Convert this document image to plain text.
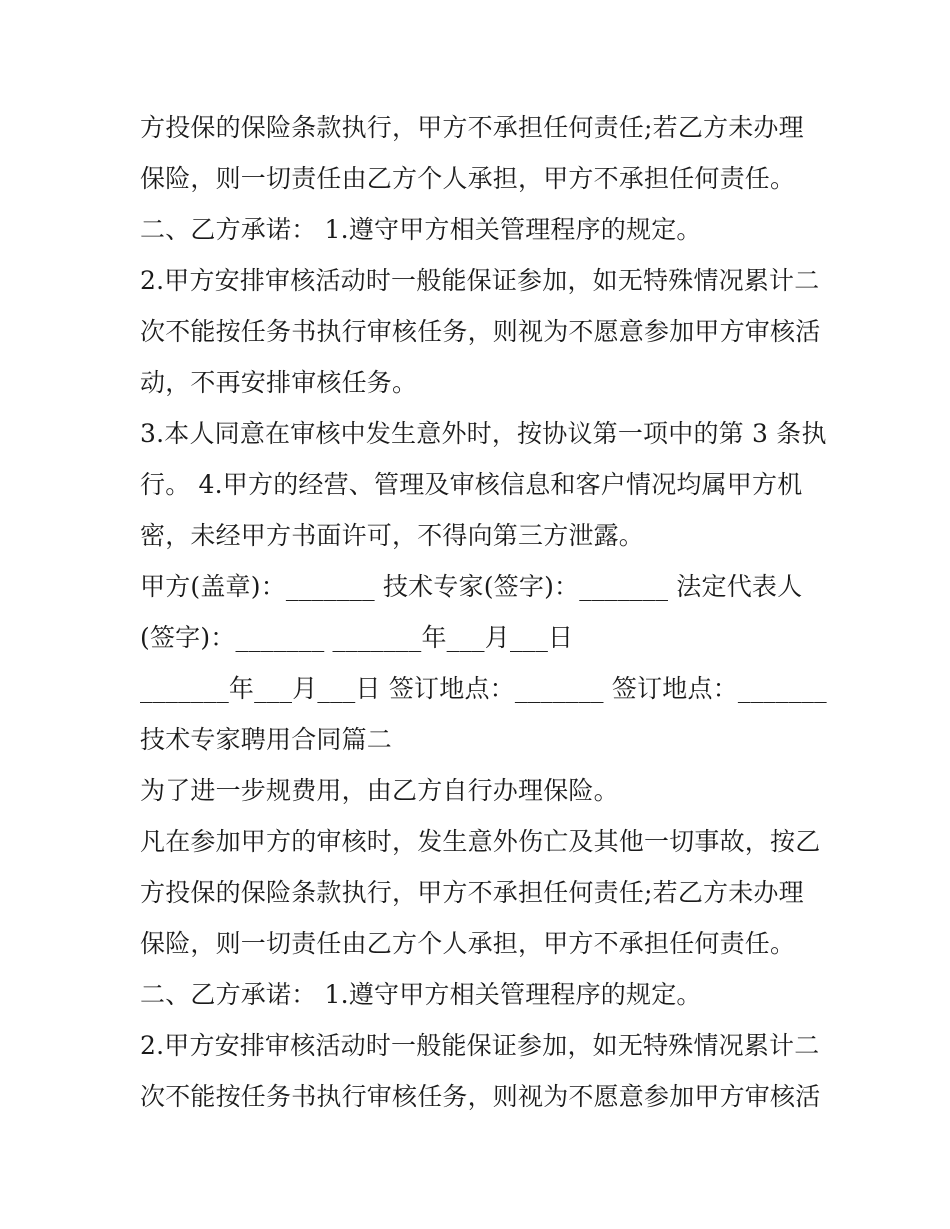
方投保的保险条款执行，甲方不承担任何责任;若乙方未办理
保险，则一切责任由乙方个人承担，甲方不承担任何责任。
二、乙方承诺： 1.遵守甲方相关管理程序的规定。
2.甲方安排审核活动时一般能保证参加，如无特殊情况累计二
次不能按任务书执行审核任务，则视为不愿意参加甲方审核活
动，不再安排审核任务。
3.本人同意在审核中发生意外时，按协议第一项中的第 3 条执
行。 4.甲方的经营、管理及审核信息和客户情况均属甲方机
密，未经甲方书面许可，不得向第三方泄露。
甲方(盖章)：_______ 技术专家(签字)：_______ 法定代表人
(签字)：_______ _______年___月___日
_______年___月___日 签订地点：_______ 签订地点：_______
技术专家聘用合同篇二
为了进一步规费用，由乙方自行办理保险。
凡在参加甲方的审核时，发生意外伤亡及其他一切事故，按乙
方投保的保险条款执行，甲方不承担任何责任;若乙方未办理
保险，则一切责任由乙方个人承担，甲方不承担任何责任。
二、乙方承诺： 1.遵守甲方相关管理程序的规定。
2.甲方安排审核活动时一般能保证参加，如无特殊情况累计二
次不能按任务书执行审核任务，则视为不愿意参加甲方审核活
